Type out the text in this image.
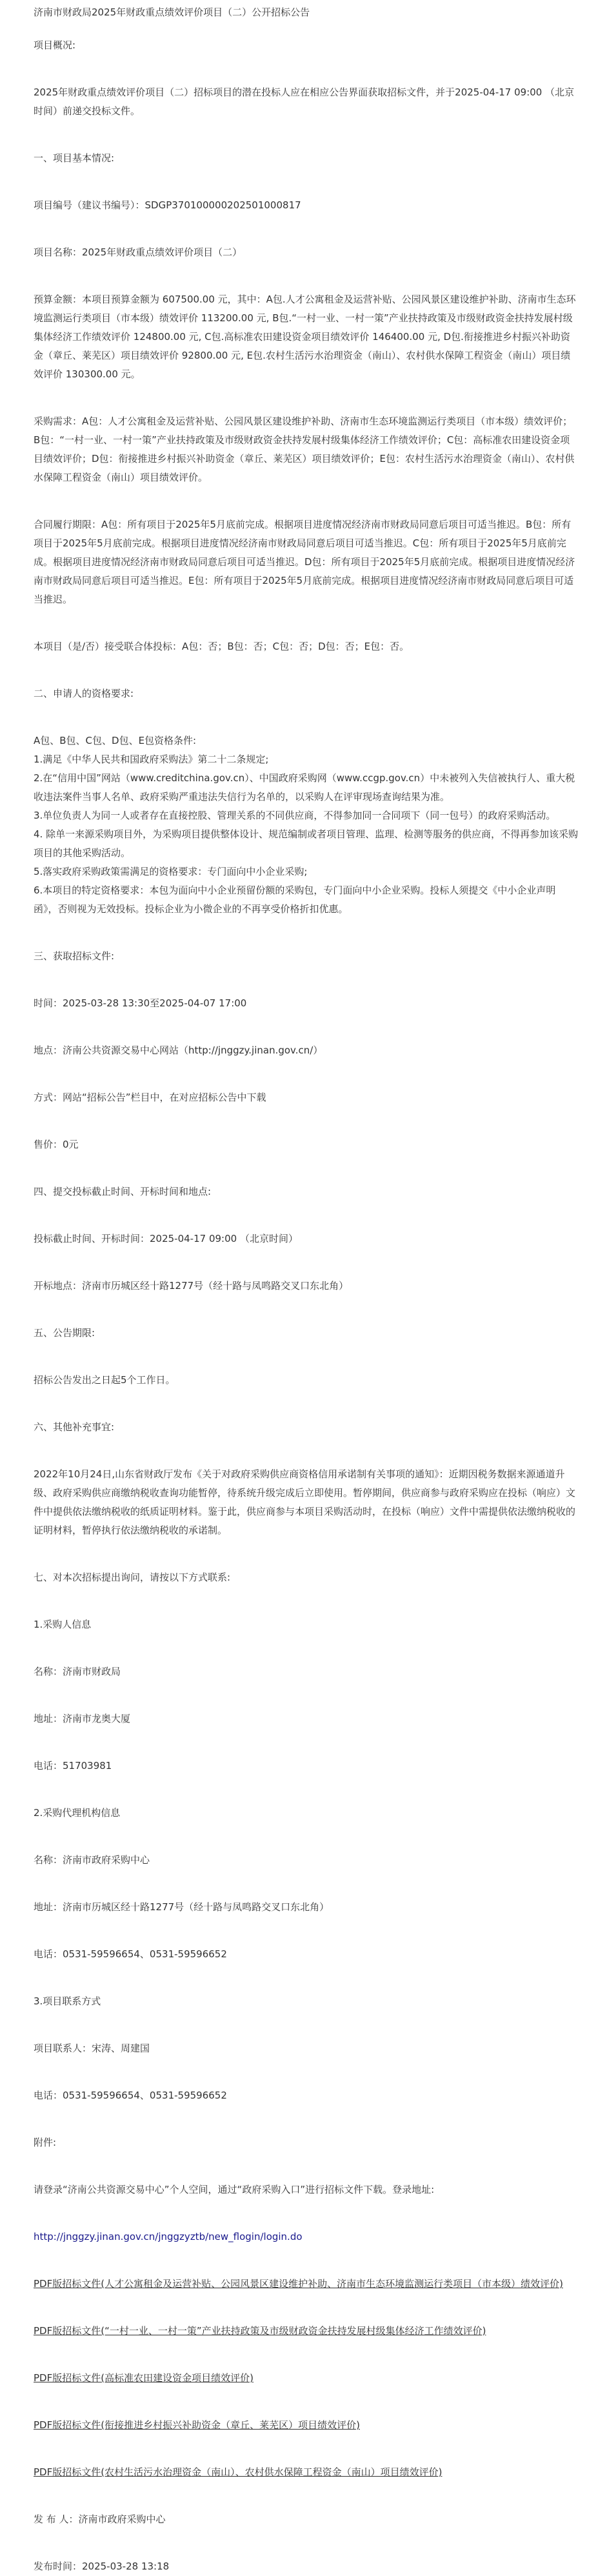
济南市财政局2025年财政重点绩效评价项目（二）公开招标公告

项目概况:

2025年财政重点绩效评价项目（二）招标项目的潜在投标人应在相应公告界面获取招标文件，并于2025-04-17 09:00 （北京时间）前递交投标文件。

一、项目基本情况:

项目编号（建议书编号）：SDGP370100000202501000817

项目名称：2025年财政重点绩效评价项目（二）

预算金额：本项目预算金额为 607500.00 元，其中：A包.人才公寓租金及运营补贴、公园风景区建设维护补助、济南市生态环境监测运行类项目（市本级）绩效评价 113200.00 元, B包.“一村一业、一村一策”产业扶持政策及市级财政资金扶持发展村级集体经济工作绩效评价 124800.00 元, C包.高标准农田建设资金项目绩效评价 146400.00 元, D包.衔接推进乡村振兴补助资金（章丘、莱芜区）项目绩效评价 92800.00 元, E包.农村生活污水治理资金（南山）、农村供水保障工程资金（南山）项目绩效评价 130300.00 元。

采购需求：A包：人才公寓租金及运营补贴、公园风景区建设维护补助、济南市生态环境监测运行类项目（市本级）绩效评价；B包：“一村一业、一村一策”产业扶持政策及市级财政资金扶持发展村级集体经济工作绩效评价；C包：高标准农田建设资金项目绩效评价；D包：衔接推进乡村振兴补助资金（章丘、莱芜区）项目绩效评价；E包：农村生活污水治理资金（南山）、农村供水保障工程资金（南山）项目绩效评价。

合同履行期限：A包：所有项目于2025年5月底前完成。根据项目进度情况经济南市财政局同意后项目可适当推迟。B包：所有项目于2025年5月底前完成。根据项目进度情况经济南市财政局同意后项目可适当推迟。C包：所有项目于2025年5月底前完成。根据项目进度情况经济南市财政局同意后项目可适当推迟。D包：所有项目于2025年5月底前完成。根据项目进度情况经济南市财政局同意后项目可适当推迟。E包：所有项目于2025年5月底前完成。根据项目进度情况经济南市财政局同意后项目可适当推迟。

本项目（是/否）接受联合体投标：A包：否；B包：否；C包：否；D包：否；E包：否。

二、申请人的资格要求:

A包、B包、C包、D包、E包资格条件:

1.满足《中华人民共和国政府采购法》第二十二条规定;

2.在“信用中国”网站（www.creditchina.gov.cn）、中国政府采购网（www.ccgp.gov.cn）中未被列入失信被执行人、重大税收违法案件当事人名单、政府采购严重违法失信行为名单的，以采购人在评审现场查询结果为准。

3.单位负责人为同一人或者存在直接控股、管理关系的不同供应商，不得参加同一合同项下（同一包号）的政府采购活动。

4. 除单一来源采购项目外，为采购项目提供整体设计、规范编制或者项目管理、监理、检测等服务的供应商，不得再参加该采购项目的其他采购活动。

5.落实政府采购政策需满足的资格要求：专门面向中小企业采购;

6.本项目的特定资格要求：本包为面向中小企业预留份额的采购包，专门面向中小企业采购。投标人须提交《中小企业声明函》，否则视为无效投标。投标企业为小微企业的不再享受价格折扣优惠。

三、获取招标文件:

时间：2025-03-28 13:30至2025-04-07 17:00

地点：济南公共资源交易中心网站（http://jnggzy.jinan.gov.cn/）

方式：网站“招标公告”栏目中，在对应招标公告中下载

售价：0元

四、提交投标截止时间、开标时间和地点:

投标截止时间、开标时间：2025-04-17 09:00 （北京时间）

开标地点：济南市历城区经十路1277号（经十路与凤鸣路交叉口东北角）

五、公告期限:

招标公告发出之日起5个工作日。

六、其他补充事宜:

2022年10月24日,山东省财政厅发布《关于对政府采购供应商资格信用承诺制有关事项的通知》：近期因税务数据来源通道升级、政府采购供应商缴纳税收查询功能暂停，待系统升级完成后立即使用。暂停期间，供应商参与政府采购应在投标（响应）文件中提供依法缴纳税收的纸质证明材料。鉴于此，供应商参与本项目采购活动时，在投标（响应）文件中需提供依法缴纳税收的证明材料，暂停执行依法缴纳税收的承诺制。

七、对本次招标提出询问，请按以下方式联系:

1.采购人信息

名称：济南市财政局

地址：济南市龙奥大厦

电话：51703981

2.采购代理机构信息

名称：济南市政府采购中心

地址：济南市历城区经十路1277号（经十路与凤鸣路交叉口东北角）

电话：0531-59596654、0531-59596652

3.项目联系方式

项目联系人：宋涛、周建国

电话：0531-59596654、0531-59596652

附件:

请登录“济南公共资源交易中心”个人空间，通过“政府采购入口”进行招标文件下载。登录地址:

http://jnggzy.jinan.gov.cn/jnggzyztb/new_flogin/login.do

PDF版招标文件(人才公寓租金及运营补贴、公园风景区建设维护补助、济南市生态环境监测运行类项目（市本级）绩效评价)

PDF版招标文件(“一村一业、一村一策”产业扶持政策及市级财政资金扶持发展村级集体经济工作绩效评价)

PDF版招标文件(高标准农田建设资金项目绩效评价)

PDF版招标文件(衔接推进乡村振兴补助资金（章丘、莱芜区）项目绩效评价)

PDF版招标文件(农村生活污水治理资金（南山）、农村供水保障工程资金（南山）项目绩效评价)

发 布 人：济南市政府采购中心

发布时间：2025-03-28 13:18
